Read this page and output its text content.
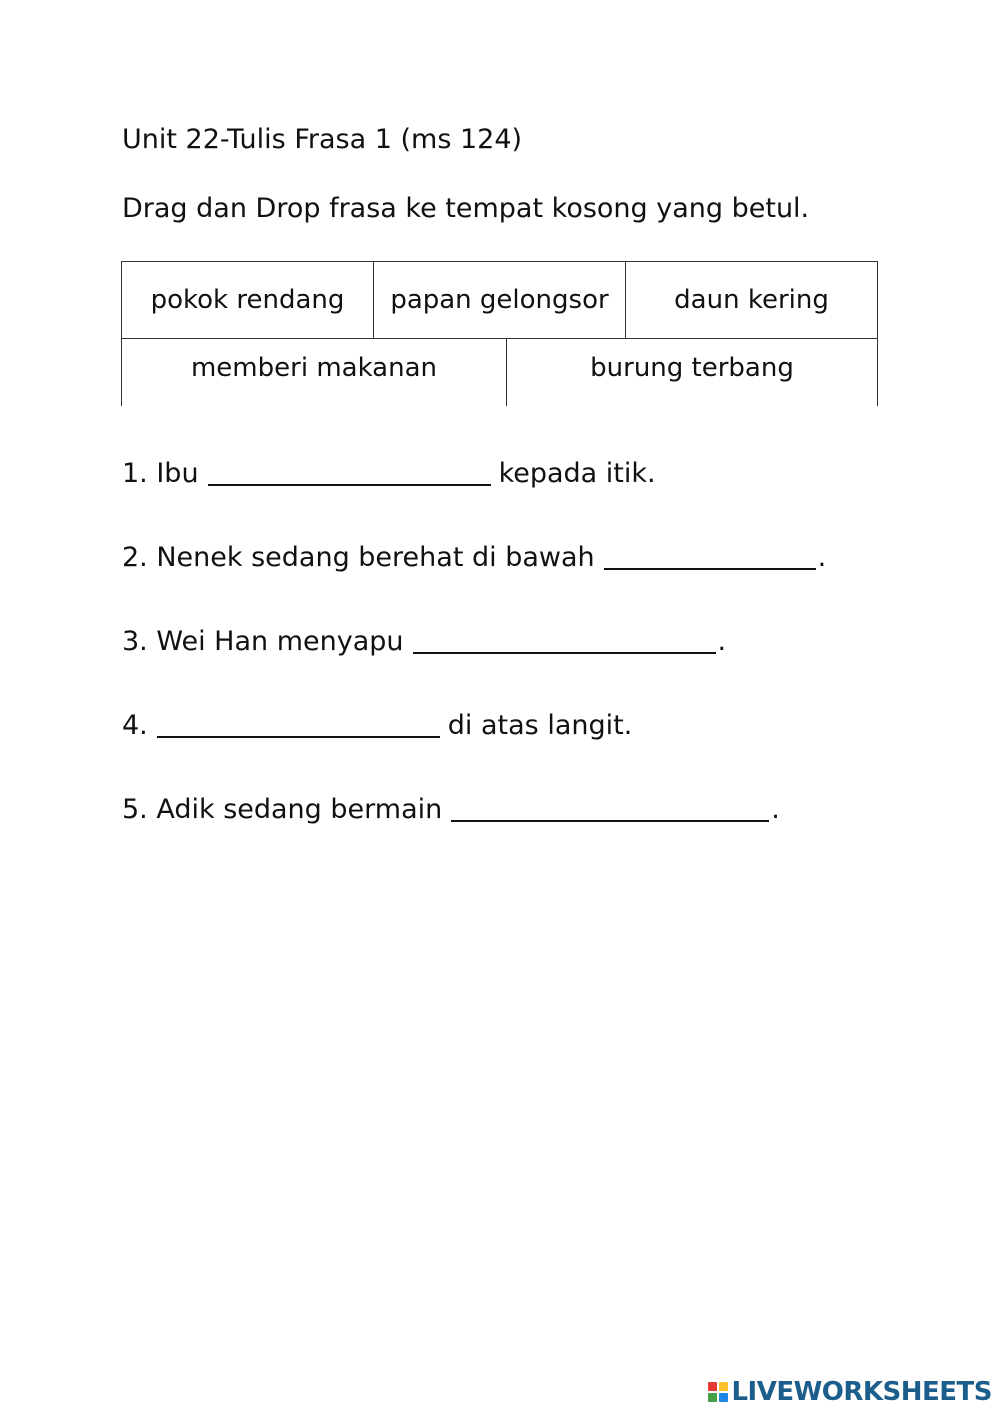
Unit 22-Tulis Frasa 1 (ms 124)
Drag dan Drop frasa ke tempat kosong yang betul.
pokok rendang	papan gelongsor	daun kering
memberi makanan	burung terbang
1. Ibu	kepada itik.
2. Nenek sedang berehat di bawah	.
3. Wei Han menyapu	.
4.	di atas langit.
5. Adik sedang bermain	.
LIVEWORKSHEETS
